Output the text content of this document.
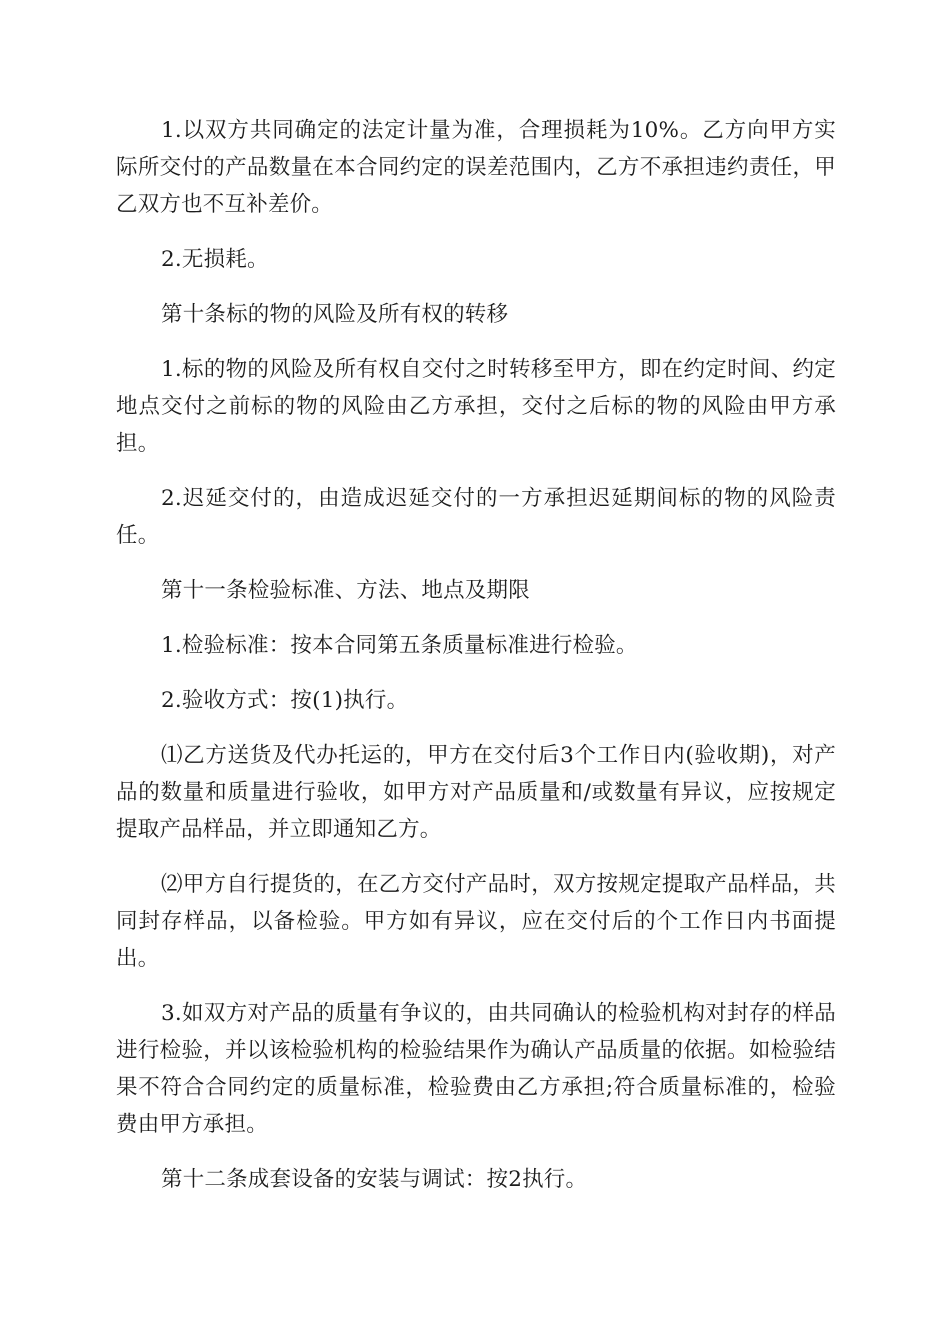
1.以双方共同确定的法定计量为准，合理损耗为10%。乙方向甲方实际所交付的产品数量在本合同约定的误差范围内，乙方不承担违约责任，甲乙双方也不互补差价。

2.无损耗。

第十条标的物的风险及所有权的转移

1.标的物的风险及所有权自交付之时转移至甲方，即在约定时间、约定地点交付之前标的物的风险由乙方承担，交付之后标的物的风险由甲方承担。

2.迟延交付的，由造成迟延交付的一方承担迟延期间标的物的风险责任。

第十一条检验标准、方法、地点及期限

1.检验标准：按本合同第五条质量标准进行检验。

2.验收方式：按(1)执行。

⑴乙方送货及代办托运的，甲方在交付后3个工作日内(验收期)，对产品的数量和质量进行验收，如甲方对产品质量和/或数量有异议，应按规定提取产品样品，并立即通知乙方。

⑵甲方自行提货的，在乙方交付产品时，双方按规定提取产品样品，共同封存样品，以备检验。甲方如有异议，应在交付后的个工作日内书面提出。

3.如双方对产品的质量有争议的，由共同确认的检验机构对封存的样品进行检验，并以该检验机构的检验结果作为确认产品质量的依据。如检验结果不符合合同约定的质量标准，检验费由乙方承担;符合质量标准的，检验费由甲方承担。

第十二条成套设备的安装与调试：按2执行。
